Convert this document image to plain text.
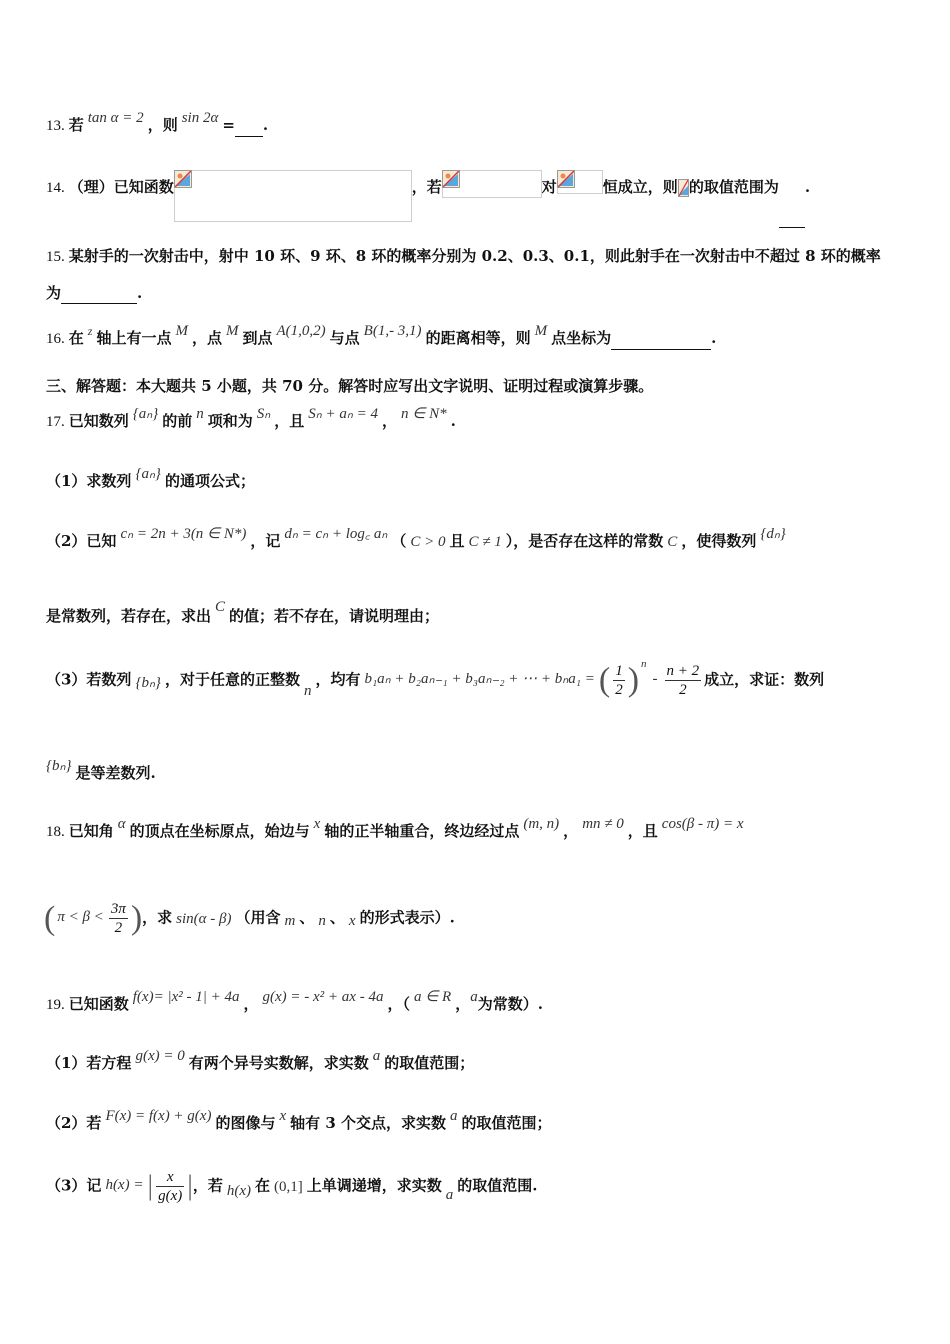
13. 若 tan α = 2 ，则 sin 2α = .
14. （理）已知函数	，若	对	恒成立，则 的取值范围为 .
15. 某射手的一次射击中，射中 10 环、9 环、8 环的概率分别为 0.2、0.3、0.1，则此射手在一次射击中不超过 8 环的概率
为	.
16. 在 $^z$ 轴上有一点 M ，点 M 到点 A(1,0,2) 与点 B(1,- 3,1) 的距离相等，则 M 点坐标为	.
三、解答题：本大题共 5 小题，共 70 分。解答时应写出文字说明、证明过程或演算步骤。
17. 已知数列 {aₙ} 的前 n 项和为 Sₙ ，且 Sₙ + aₙ = 4 ， n ∈ N* .
（1）求数列 {aₙ} 的通项公式；
（2）已知 cₙ = 2n + 3(n ∈ N*) ，记 dₙ = cₙ + log꜀ aₙ （ C > 0 且 C ≠ 1 ），是否存在这样的常数 C ，使得数列 {dₙ}
是常数列，若存在，求出 C 的值；若不存在，请说明理由；
（3）若数列 {bₙ} ，对于任意的正整数n，均有 b₁aₙ + b₂aₙ₋₁ + b₃aₙ₋₂ + ⋯ + bₙa₁ = ( $\frac{1}{2}$ ) $^n- \frac{n + 2}{2}$ 成立，求证：数列
{bₙ} 是等差数列.
18. 已知角 α 的顶点在坐标原点，始边与 x 轴的正半轴重合，终边经过点 (m, n) ， mn ≠ 0 ，且 cos(β - π) = x
( $\pi < \beta < \frac{3\pi}{2}$ )，求 sin(α - β) （用含 m 、 n 、 x 的形式表示）.
19. 已知函数 f(x)= |x² - 1| + 4a ， g(x) = - x² + ax - 4a ，（ a ∈ R ，a为常数）.
（1）若方程 g(x) = 0 有两个异号实数解，求实数 a 的取值范围；
（2）若 F(x) = f(x) + g(x) 的图像与 x 轴有 3 个交点，求实数 a 的取值范围；
（3）记 h(x) = | $\frac{x}{g(x)}$ |，若 h(x) 在 (0,1] 上单调递增，求实数 a 的取值范围.
